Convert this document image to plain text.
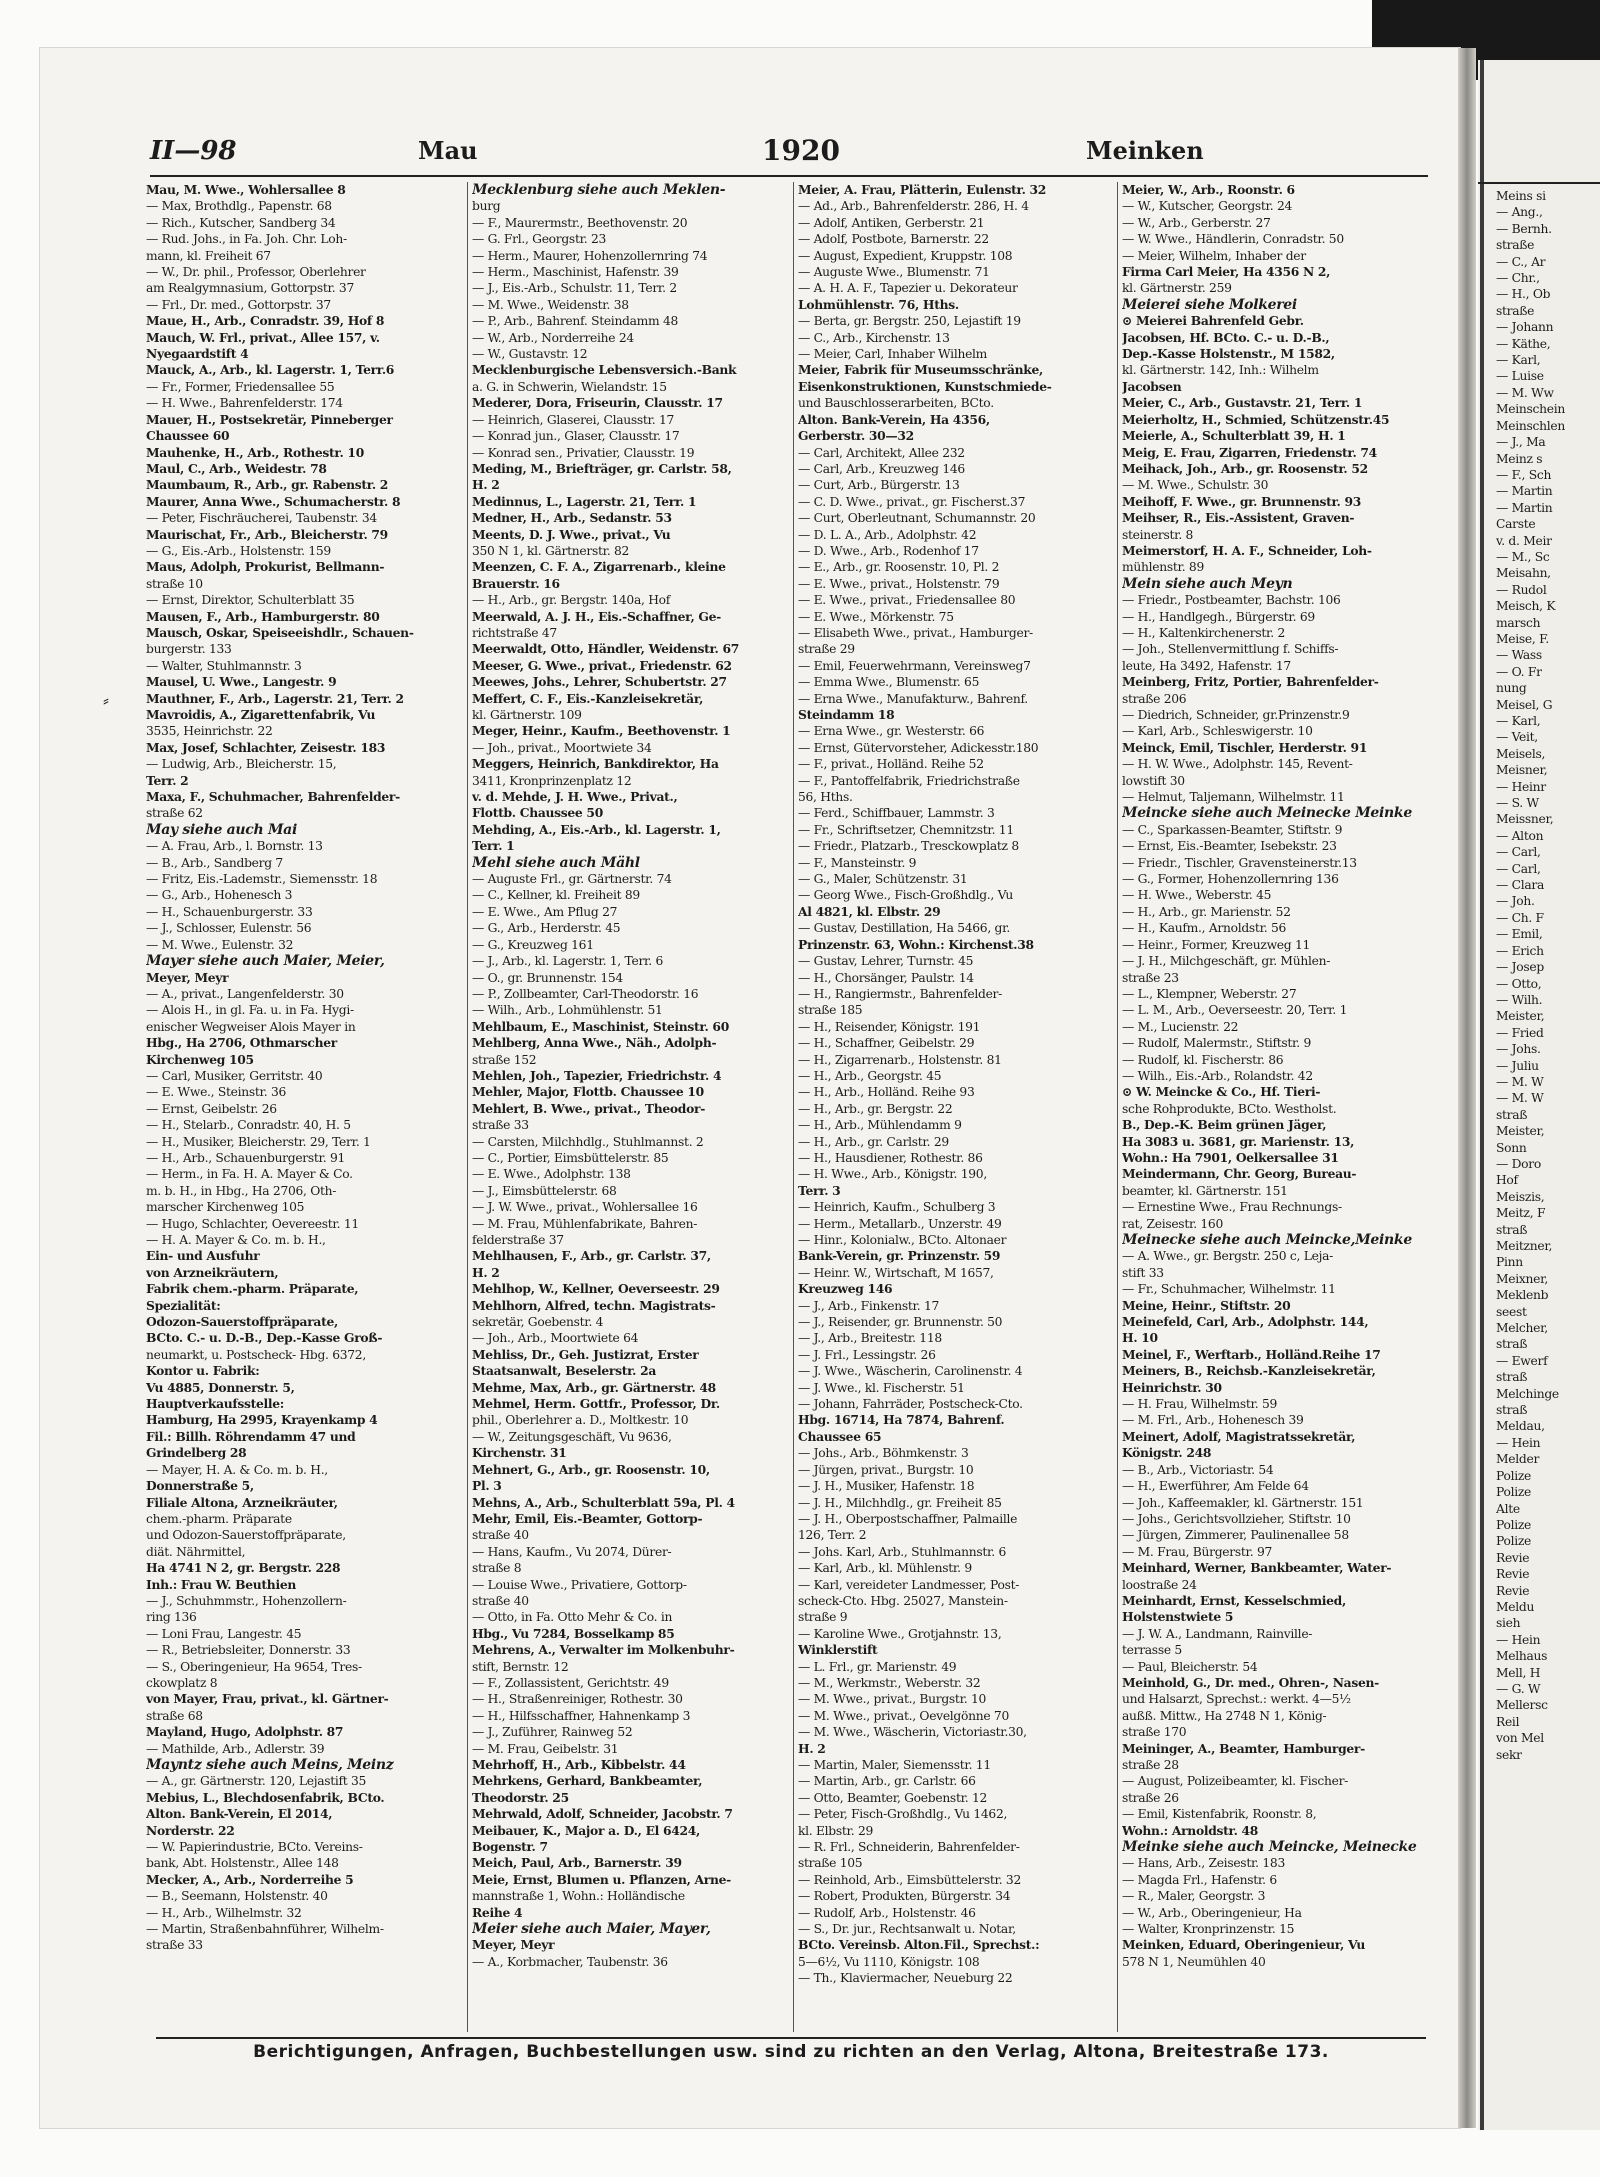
Meins si
— Ang.,
— Bernh.
straße
— C., Ar
— Chr.,
— H., Ob
straße
— Johann
— Käthe,
— Karl,
— Luise
— M. Ww
Meinschein
Meinschlen
— J., Ma
Meinz s
— F., Sch
— Martin
— Martin
Carste
v. d. Meir
— M., Sc
Meisahn,
— Rudol
Meisch, K
marsch
Meise, F.
— Wass
— O. Fr
nung
Meisel, G
— Karl,
— Veit,
Meisels,
Meisner,
— Heinr
— S. W
Meissner,
— Alton
— Carl,
— Carl,
— Clara
— Joh.
— Ch. F
— Emil,
— Erich
— Josep
— Otto,
— Wilh.
Meister,
— Fried
— Johs.
— Juliu
— M. W
— M. W
straß
Meister,
Sonn
— Doro
Hof
Meiszis,
Meitz, F
straß
Meitzner,
Pinn
Meixner,
Meklenb
seest
Melcher,
straß
— Ewerf
straß
Melchinge
straß
Meldau,
— Hein
Melder
Polize
Polize
Alte
Polize
Polize
Revie
Revie
Revie
Meldu
sieh
— Hein
Melhaus
Mell, H
— G. W
Mellersc
Reil
von Mel
sekr
II—98	Mau	1920	Meinken
⸗
Mau, M. Wwe., Wohlersallee 8
— Max, Brothdlg., Papenstr. 68
— Rich., Kutscher, Sandberg 34
— Rud. Johs., in Fa. Joh. Chr. Loh-
mann, kl. Freiheit 67
— W., Dr. phil., Professor, Oberlehrer
am Realgymnasium, Gottorpstr. 37
— Frl., Dr. med., Gottorpstr. 37
Maue, H., Arb., Conradstr. 39, Hof 8
Mauch, W. Frl., privat., Allee 157, v.
Nyegaardstift 4
Mauck, A., Arb., kl. Lagerstr. 1, Terr.6
— Fr., Former, Friedensallee 55
— H. Wwe., Bahrenfelderstr. 174
Mauer, H., Postsekretär, Pinneberger
Chaussee 60
Mauhenke, H., Arb., Rothestr. 10
Maul, C., Arb., Weidestr. 78
Maumbaum, R., Arb., gr. Rabenstr. 2
Maurer, Anna Wwe., Schumacherstr. 8
— Peter, Fischräucherei, Taubenstr. 34
Maurischat, Fr., Arb., Bleicherstr. 79
— G., Eis.-Arb., Holstenstr. 159
Maus, Adolph, Prokurist, Bellmann-
straße 10
— Ernst, Direktor, Schulterblatt 35
Mausen, F., Arb., Hamburgerstr. 80
Mausch, Oskar, Speiseeishdlr., Schauen-
burgerstr. 133
— Walter, Stuhlmannstr. 3
Mausel, U. Wwe., Langestr. 9
Mauthner, F., Arb., Lagerstr. 21, Terr. 2
Mavroidis, A., Zigarettenfabrik, Vu
3535, Heinrichstr. 22
Max, Josef, Schlachter, Zeisestr. 183
— Ludwig, Arb., Bleicherstr. 15,
Terr. 2
Maxa, F., Schuhmacher, Bahrenfelder-
straße 62
May siehe auch Mai
— A. Frau, Arb., l. Bornstr. 13
— B., Arb., Sandberg 7
— Fritz, Eis.-Lademstr., Siemensstr. 18
— G., Arb., Hohenesch 3
— H., Schauenburgerstr. 33
— J., Schlosser, Eulenstr. 56
— M. Wwe., Eulenstr. 32
Mayer siehe auch Maier, Meier,
Meyer, Meyr
— A., privat., Langenfelderstr. 30
— Alois H., in gl. Fa. u. in Fa. Hygi-
enischer Wegweiser Alois Mayer in
Hbg., Ha 2706, Othmarscher
Kirchenweg 105
— Carl, Musiker, Gerritstr. 40
— E. Wwe., Steinstr. 36
— Ernst, Geibelstr. 26
— H., Stelarb., Conradstr. 40, H. 5
— H., Musiker, Bleicherstr. 29, Terr. 1
— H., Arb., Schauenburgerstr. 91
— Herm., in Fa. H. A. Mayer & Co.
m. b. H., in Hbg., Ha 2706, Oth-
marscher Kirchenweg 105
— Hugo, Schlachter, Oevereestr. 11
— H. A. Mayer & Co. m. b. H.,
Ein- und Ausfuhr
von Arzneikräutern,
Fabrik chem.-pharm. Präparate,
Spezialität:
Odozon-Sauerstoffpräparate,
BCto. C.- u. D.-B., Dep.-Kasse Groß-
neumarkt, u. Postscheck- Hbg. 6372,
Kontor u. Fabrik:
Vu 4885, Donnerstr. 5,
Hauptverkaufsstelle:
Hamburg, Ha 2995, Krayenkamp 4
Fil.: Billh. Röhrendamm 47 und
Grindelberg 28
— Mayer, H. A. & Co. m. b. H.,
Donnerstraße 5,
Filiale Altona, Arzneikräuter,
chem.-pharm. Präparate
und Odozon-Sauerstoffpräparate,
diät. Nährmittel,
Ha 4741 N 2, gr. Bergstr. 228
Inh.: Frau W. Beuthien
— J., Schuhmmstr., Hohenzollern-
ring 136
— Loni Frau, Langestr. 45
— R., Betriebsleiter, Donnerstr. 33
— S., Oberingenieur, Ha 9654, Tres-
ckowplatz 8
von Mayer, Frau, privat., kl. Gärtner-
straße 68
Mayland, Hugo, Adolphstr. 87
— Mathilde, Arb., Adlerstr. 39
Mayntz siehe auch Meins, Meinz
— A., gr. Gärtnerstr. 120, Lejastift 35
Mebius, L., Blechdosenfabrik, BCto.
Alton. Bank-Verein, El 2014,
Norderstr. 22
— W. Papierindustrie, BCto. Vereins-
bank, Abt. Holstenstr., Allee 148
Mecker, A., Arb., Norderreihe 5
— B., Seemann, Holstenstr. 40
— H., Arb., Wilhelmstr. 32
— Martin, Straßenbahnführer, Wilhelm-
straße 33
Mecklenburg siehe auch Meklen-
burg
— F., Maurermstr., Beethovenstr. 20
— G. Frl., Georgstr. 23
— Herm., Maurer, Hohenzollernring 74
— Herm., Maschinist, Hafenstr. 39
— J., Eis.-Arb., Schulstr. 11, Terr. 2
— M. Wwe., Weidenstr. 38
— P., Arb., Bahrenf. Steindamm 48
— W., Arb., Norderreihe 24
— W., Gustavstr. 12
Mecklenburgische Lebensversich.-Bank
a. G. in Schwerin, Wielandstr. 15
Mederer, Dora, Friseurin, Clausstr. 17
— Heinrich, Glaserei, Clausstr. 17
— Konrad jun., Glaser, Clausstr. 17
— Konrad sen., Privatier, Clausstr. 19
Meding, M., Briefträger, gr. Carlstr. 58,
H. 2
Medinnus, L., Lagerstr. 21, Terr. 1
Medner, H., Arb., Sedanstr. 53
Meents, D. J. Wwe., privat., Vu
350 N 1, kl. Gärtnerstr. 82
Meenzen, C. F. A., Zigarrenarb., kleine
Brauerstr. 16
— H., Arb., gr. Bergstr. 140a, Hof
Meerwald, A. J. H., Eis.-Schaffner, Ge-
richtstraße 47
Meerwaldt, Otto, Händler, Weidenstr. 67
Meeser, G. Wwe., privat., Friedenstr. 62
Meewes, Johs., Lehrer, Schubertstr. 27
Meffert, C. F., Eis.-Kanzleisekretär,
kl. Gärtnerstr. 109
Meger, Heinr., Kaufm., Beethovenstr. 1
— Joh., privat., Moortwiete 34
Meggers, Heinrich, Bankdirektor, Ha
3411, Kronprinzenplatz 12
v. d. Mehde, J. H. Wwe., Privat.,
Flottb. Chaussee 50
Mehding, A., Eis.-Arb., kl. Lagerstr. 1,
Terr. 1
Mehl siehe auch Mähl
— Auguste Frl., gr. Gärtnerstr. 74
— C., Kellner, kl. Freiheit 89
— E. Wwe., Am Pflug 27
— G., Arb., Herderstr. 45
— G., Kreuzweg 161
— J., Arb., kl. Lagerstr. 1, Terr. 6
— O., gr. Brunnenstr. 154
— P., Zollbeamter, Carl-Theodorstr. 16
— Wilh., Arb., Lohmühlenstr. 51
Mehlbaum, E., Maschinist, Steinstr. 60
Mehlberg, Anna Wwe., Näh., Adolph-
straße 152
Mehlen, Joh., Tapezier, Friedrichstr. 4
Mehler, Major, Flottb. Chaussee 10
Mehlert, B. Wwe., privat., Theodor-
straße 33
— Carsten, Milchhdlg., Stuhlmannst. 2
— C., Portier, Eimsbüttelerstr. 85
— E. Wwe., Adolphstr. 138
— J., Eimsbüttelerstr. 68
— J. W. Wwe., privat., Wohlersallee 16
— M. Frau, Mühlenfabrikate, Bahren-
felderstraße 37
Mehlhausen, F., Arb., gr. Carlstr. 37,
H. 2
Mehlhop, W., Kellner, Oeverseestr. 29
Mehlhorn, Alfred, techn. Magistrats-
sekretär, Goebenstr. 4
— Joh., Arb., Moortwiete 64
Mehliss, Dr., Geh. Justizrat, Erster
Staatsanwalt, Beselerstr. 2a
Mehme, Max, Arb., gr. Gärtnerstr. 48
Mehmel, Herm. Gottfr., Professor, Dr.
phil., Oberlehrer a. D., Moltkestr. 10
— W., Zeitungsgeschäft, Vu 9636,
Kirchenstr. 31
Mehnert, G., Arb., gr. Roosenstr. 10,
Pl. 3
Mehns, A., Arb., Schulterblatt 59a, Pl. 4
Mehr, Emil, Eis.-Beamter, Gottorp-
straße 40
— Hans, Kaufm., Vu 2074, Dürer-
straße 8
— Louise Wwe., Privatiere, Gottorp-
straße 40
— Otto, in Fa. Otto Mehr & Co. in
Hbg., Vu 7284, Bosselkamp 85
Mehrens, A., Verwalter im Molkenbuhr-
stift, Bernstr. 12
— F., Zollassistent, Gerichtstr. 49
— H., Straßenreiniger, Rothestr. 30
— H., Hilfsschaffner, Hahnenkamp 3
— J., Zuführer, Rainweg 52
— M. Frau, Geibelstr. 31
Mehrhoff, H., Arb., Kibbelstr. 44
Mehrkens, Gerhard, Bankbeamter,
Theodorstr. 25
Mehrwald, Adolf, Schneider, Jacobstr. 7
Meibauer, K., Major a. D., El 6424,
Bogenstr. 7
Meich, Paul, Arb., Barnerstr. 39
Meie, Ernst, Blumen u. Pflanzen, Arne-
mannstraße 1, Wohn.: Holländische
Reihe 4
Meier siehe auch Maier, Mayer,
Meyer, Meyr
— A., Korbmacher, Taubenstr. 36
Meier, A. Frau, Plätterin, Eulenstr. 32
— Ad., Arb., Bahrenfelderstr. 286, H. 4
— Adolf, Antiken, Gerberstr. 21
— Adolf, Postbote, Barnerstr. 22
— August, Expedient, Kruppstr. 108
— Auguste Wwe., Blumenstr. 71
— A. H. A. F., Tapezier u. Dekorateur
Lohmühlenstr. 76, Hths.
— Berta, gr. Bergstr. 250, Lejastift 19
— C., Arb., Kirchenstr. 13
— Meier, Carl, Inhaber Wilhelm
Meier, Fabrik für Museumsschränke,
Eisenkonstruktionen, Kunstschmiede-
und Bauschlosserarbeiten, BCto.
Alton. Bank-Verein, Ha 4356,
Gerberstr. 30—32
— Carl, Architekt, Allee 232
— Carl, Arb., Kreuzweg 146
— Curt, Arb., Bürgerstr. 13
— C. D. Wwe., privat., gr. Fischerst.37
— Curt, Oberleutnant, Schumannstr. 20
— D. L. A., Arb., Adolphstr. 42
— D. Wwe., Arb., Rodenhof 17
— E., Arb., gr. Roosenstr. 10, Pl. 2
— E. Wwe., privat., Holstenstr. 79
— E. Wwe., privat., Friedensallee 80
— E. Wwe., Mörkenstr. 75
— Elisabeth Wwe., privat., Hamburger-
straße 29
— Emil, Feuerwehrmann, Vereinsweg7
— Emma Wwe., Blumenstr. 65
— Erna Wwe., Manufakturw., Bahrenf.
Steindamm 18
— Erna Wwe., gr. Westerstr. 66
— Ernst, Gütervorsteher, Adickesstr.180
— F., privat., Holländ. Reihe 52
— F., Pantoffelfabrik, Friedrichstraße
56, Hths.
— Ferd., Schiffbauer, Lammstr. 3
— Fr., Schriftsetzer, Chemnitzstr. 11
— Friedr., Platzarb., Tresckowplatz 8
— F., Mansteinstr. 9
— G., Maler, Schützenstr. 31
— Georg Wwe., Fisch-Großhdlg., Vu
Al 4821, kl. Elbstr. 29
— Gustav, Destillation, Ha 5466, gr.
Prinzenstr. 63, Wohn.: Kirchenst.38
— Gustav, Lehrer, Turnstr. 45
— H., Chorsänger, Paulstr. 14
— H., Rangiermstr., Bahrenfelder-
straße 185
— H., Reisender, Königstr. 191
— H., Schaffner, Geibelstr. 29
— H., Zigarrenarb., Holstenstr. 81
— H., Arb., Georgstr. 45
— H., Arb., Holländ. Reihe 93
— H., Arb., gr. Bergstr. 22
— H., Arb., Mühlendamm 9
— H., Arb., gr. Carlstr. 29
— H., Hausdiener, Rothestr. 86
— H. Wwe., Arb., Königstr. 190,
Terr. 3
— Heinrich, Kaufm., Schulberg 3
— Herm., Metallarb., Unzerstr. 49
— Hinr., Kolonialw., BCto. Altonaer
Bank-Verein, gr. Prinzenstr. 59
— Heinr. W., Wirtschaft, M 1657,
Kreuzweg 146
— J., Arb., Finkenstr. 17
— J., Reisender, gr. Brunnenstr. 50
— J., Arb., Breitestr. 118
— J. Frl., Lessingstr. 26
— J. Wwe., Wäscherin, Carolinenstr. 4
— J. Wwe., kl. Fischerstr. 51
— Johann, Fahrräder, Postscheck-Cto.
Hbg. 16714, Ha 7874, Bahrenf.
Chaussee 65
— Johs., Arb., Böhmkenstr. 3
— Jürgen, privat., Burgstr. 10
— J. H., Musiker, Hafenstr. 18
— J. H., Milchhdlg., gr. Freiheit 85
— J. H., Oberpostschaffner, Palmaille
126, Terr. 2
— Johs. Karl, Arb., Stuhlmannstr. 6
— Karl, Arb., kl. Mühlenstr. 9
— Karl, vereideter Landmesser, Post-
scheck-Cto. Hbg. 25027, Manstein-
straße 9
— Karoline Wwe., Grotjahnstr. 13,
Winklerstift
— L. Frl., gr. Marienstr. 49
— M., Werkmstr., Weberstr. 32
— M. Wwe., privat., Burgstr. 10
— M. Wwe., privat., Oevelgönne 70
— M. Wwe., Wäscherin, Victoriastr.30,
H. 2
— Martin, Maler, Siemensstr. 11
— Martin, Arb., gr. Carlstr. 66
— Otto, Beamter, Goebenstr. 12
— Peter, Fisch-Großhdlg., Vu 1462,
kl. Elbstr. 29
— R. Frl., Schneiderin, Bahrenfelder-
straße 105
— Reinhold, Arb., Eimsbüttelerstr. 32
— Robert, Produkten, Bürgerstr. 34
— Rudolf, Arb., Holstenstr. 46
— S., Dr. jur., Rechtsanwalt u. Notar,
BCto. Vereinsb. Alton.Fil., Sprechst.:
5—6½, Vu 1110, Königstr. 108
— Th., Klaviermacher, Neueburg 22
Meier, W., Arb., Roonstr. 6
— W., Kutscher, Georgstr. 24
— W., Arb., Gerberstr. 27
— W. Wwe., Händlerin, Conradstr. 50
— Meier, Wilhelm, Inhaber der
Firma Carl Meier, Ha 4356 N 2,
kl. Gärtnerstr. 259
Meierei siehe Molkerei
⊙ Meierei Bahrenfeld Gebr.
Jacobsen, Hf. BCto. C.- u. D.-B.,
Dep.-Kasse Holstenstr., M 1582,
kl. Gärtnerstr. 142, Inh.: Wilhelm
Jacobsen
Meier, C., Arb., Gustavstr. 21, Terr. 1
Meierholtz, H., Schmied, Schützenstr.45
Meierle, A., Schulterblatt 39, H. 1
Meig, E. Frau, Zigarren, Friedenstr. 74
Meihack, Joh., Arb., gr. Roosenstr. 52
— M. Wwe., Schulstr. 30
Meihoff, F. Wwe., gr. Brunnenstr. 93
Meihser, R., Eis.-Assistent, Graven-
steinerstr. 8
Meimerstorf, H. A. F., Schneider, Loh-
mühlenstr. 89
Mein siehe auch Meyn
— Friedr., Postbeamter, Bachstr. 106
— H., Handlgegh., Bürgerstr. 69
— H., Kaltenkirchenerstr. 2
— Joh., Stellenvermittlung f. Schiffs-
leute, Ha 3492, Hafenstr. 17
Meinberg, Fritz, Portier, Bahrenfelder-
straße 206
— Diedrich, Schneider, gr.Prinzenstr.9
— Karl, Arb., Schleswigerstr. 10
Meinck, Emil, Tischler, Herderstr. 91
— H. W. Wwe., Adolphstr. 145, Revent-
lowstift 30
— Helmut, Taljemann, Wilhelmstr. 11
Meincke siehe auch Meinecke Meinke
— C., Sparkassen-Beamter, Stiftstr. 9
— Ernst, Eis.-Beamter, Isebekstr. 23
— Friedr., Tischler, Gravensteinerstr.13
— G., Former, Hohenzollernring 136
— H. Wwe., Weberstr. 45
— H., Arb., gr. Marienstr. 52
— H., Kaufm., Arnoldstr. 56
— Heinr., Former, Kreuzweg 11
— J. H., Milchgeschäft, gr. Mühlen-
straße 23
— L., Klempner, Weberstr. 27
— L. M., Arb., Oeverseestr. 20, Terr. 1
— M., Lucienstr. 22
— Rudolf, Malermstr., Stiftstr. 9
— Rudolf, kl. Fischerstr. 86
— Wilh., Eis.-Arb., Rolandstr. 42
⊙ W. Meincke & Co., Hf. Tieri-
sche Rohprodukte, BCto. Westholst.
B., Dep.-K. Beim grünen Jäger,
Ha 3083 u. 3681, gr. Marienstr. 13,
Wohn.: Ha 7901, Oelkersallee 31
Meindermann, Chr. Georg, Bureau-
beamter, kl. Gärtnerstr. 151
— Ernestine Wwe., Frau Rechnungs-
rat, Zeisestr. 160
Meinecke siehe auch Meincke,Meinke
— A. Wwe., gr. Bergstr. 250 c, Leja-
stift 33
— Fr., Schuhmacher, Wilhelmstr. 11
Meine, Heinr., Stiftstr. 20
Meinefeld, Carl, Arb., Adolphstr. 144,
H. 10
Meinel, F., Werftarb., Holländ.Reihe 17
Meiners, B., Reichsb.-Kanzleisekretär,
Heinrichstr. 30
— H. Frau, Wilhelmstr. 59
— M. Frl., Arb., Hohenesch 39
Meinert, Adolf, Magistratssekretär,
Königstr. 248
— B., Arb., Victoriastr. 54
— H., Ewerführer, Am Felde 64
— Joh., Kaffeemakler, kl. Gärtnerstr. 151
— Johs., Gerichtsvollzieher, Stiftstr. 10
— Jürgen, Zimmerer, Paulinenallee 58
— M. Frau, Bürgerstr. 97
Meinhard, Werner, Bankbeamter, Water-
loostraße 24
Meinhardt, Ernst, Kesselschmied,
Holstenstwiete 5
— J. W. A., Landmann, Rainville-
terrasse 5
— Paul, Bleicherstr. 54
Meinhold, G., Dr. med., Ohren-, Nasen-
und Halsarzt, Sprechst.: werkt. 4—5½
außß. Mittw., Ha 2748 N 1, König-
straße 170
Meininger, A., Beamter, Hamburger-
straße 28
— August, Polizeibeamter, kl. Fischer-
straße 26
— Emil, Kistenfabrik, Roonstr. 8,
Wohn.: Arnoldstr. 48
Meinke siehe auch Meincke, Meinecke
— Hans, Arb., Zeisestr. 183
— Magda Frl., Hafenstr. 6
— R., Maler, Georgstr. 3
— W., Arb., Oberingenieur, Ha
— Walter, Kronprinzenstr. 15
Meinken, Eduard, Oberingenieur, Vu
578 N 1, Neumühlen 40
Berichtigungen, Anfragen, Buchbestellungen usw. sind zu richten an den Verlag, Altona, Breitestraße 173.
